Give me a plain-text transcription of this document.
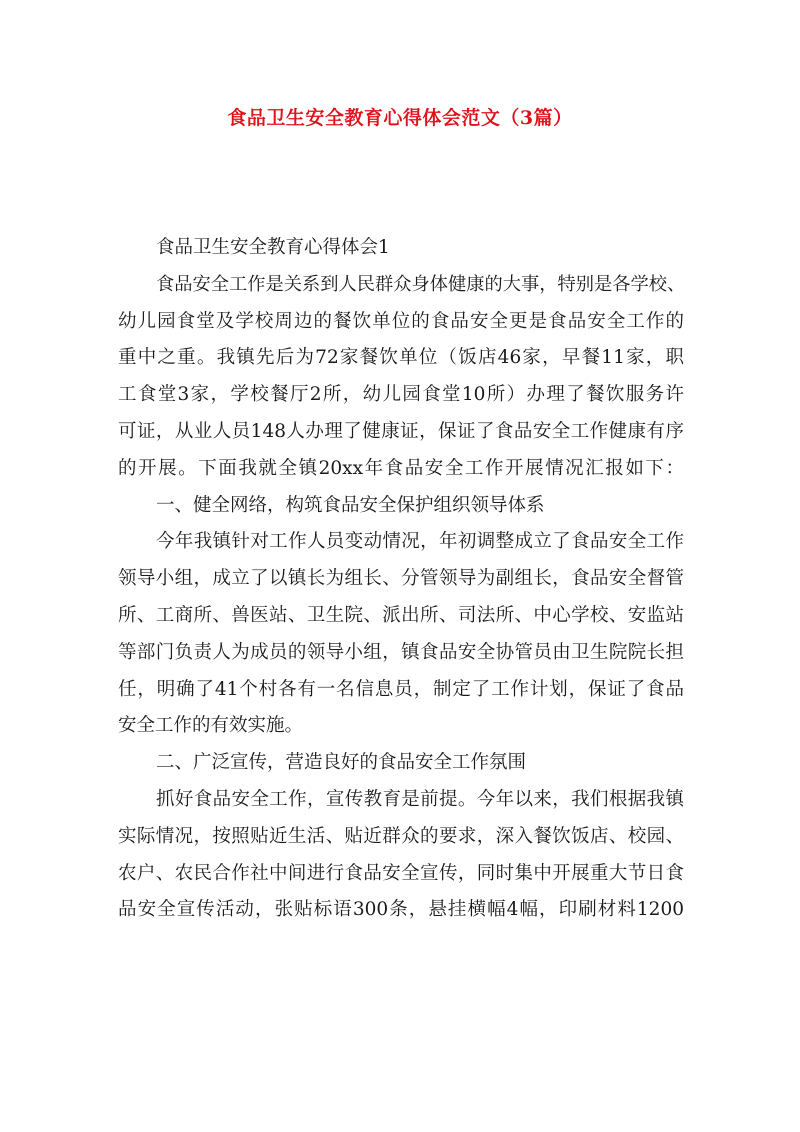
食品卫生安全教育心得体会范文（3篇）
食品卫生安全教育心得体会1
食品安全工作是关系到人民群众身体健康的大事，特别是各学校、
幼儿园食堂及学校周边的餐饮单位的食品安全更是食品安全工作的
重中之重。我镇先后为72家餐饮单位（饭店46家，早餐11家，职
工食堂3家，学校餐厅2所，幼儿园食堂10所）办理了餐饮服务许
可证，从业人员148人办理了健康证，保证了食品安全工作健康有序
的开展。下面我就全镇20xx年食品安全工作开展情况汇报如下：
一、健全网络，构筑食品安全保护组织领导体系
今年我镇针对工作人员变动情况，年初调整成立了食品安全工作
领导小组，成立了以镇长为组长、分管领导为副组长，食品安全督管
所、工商所、兽医站、卫生院、派出所、司法所、中心学校、安监站
等部门负责人为成员的领导小组，镇食品安全协管员由卫生院院长担
任，明确了41个村各有一名信息员，制定了工作计划，保证了食品
安全工作的有效实施。
二、广泛宣传，营造良好的食品安全工作氛围
抓好食品安全工作，宣传教育是前提。今年以来，我们根据我镇
实际情况，按照贴近生活、贴近群众的要求，深入餐饮饭店、校园、
农户、农民合作社中间进行食品安全宣传，同时集中开展重大节日食
品安全宣传活动，张贴标语300条，悬挂横幅4幅，印刷材料1200
